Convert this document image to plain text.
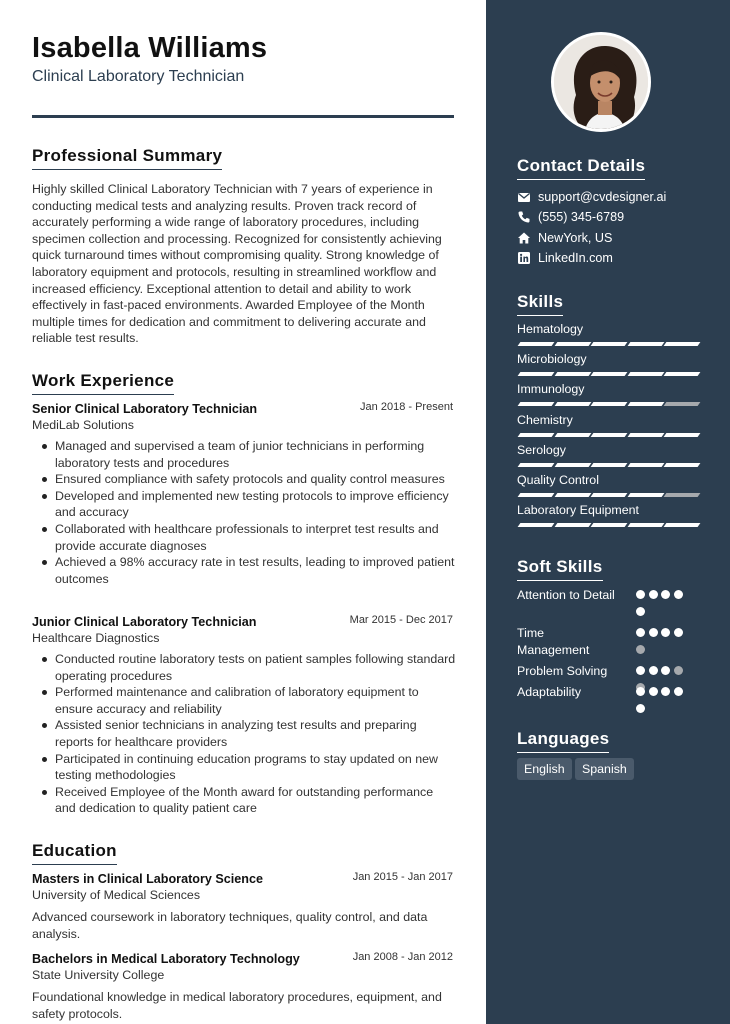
Isabella Williams
Clinical Laboratory Technician
Professional Summary
Highly skilled Clinical Laboratory Technician with 7 years of experience in conducting medical tests and analyzing results. Proven track record of accurately performing a wide range of laboratory procedures, including specimen collection and processing. Recognized for consistently achieving quick turnaround times without compromising quality. Strong knowledge of laboratory equipment and protocols, resulting in streamlined workflow and increased efficiency. Exceptional attention to detail and ability to work effectively in fast-paced environments. Awarded Employee of the Month multiple times for dedication and commitment to delivering accurate and reliable test results.
Work Experience
Senior Clinical Laboratory Technician	Jan 2018 - Present
MediLab Solutions
Managed and supervised a team of junior technicians in performing laboratory tests and procedures
Ensured compliance with safety protocols and quality control measures
Developed and implemented new testing protocols to improve efficiency and accuracy
Collaborated with healthcare professionals to interpret test results and provide accurate diagnoses
Achieved a 98% accuracy rate in test results, leading to improved patient outcomes
Junior Clinical Laboratory Technician	Mar 2015 - Dec 2017
Healthcare Diagnostics
Conducted routine laboratory tests on patient samples following standard operating procedures
Performed maintenance and calibration of laboratory equipment to ensure accuracy and reliability
Assisted senior technicians in analyzing test results and preparing reports for healthcare providers
Participated in continuing education programs to stay updated on new testing methodologies
Received Employee of the Month award for outstanding performance and dedication to quality patient care
Education
Masters in Clinical Laboratory Science	Jan 2015 - Jan 2017
University of Medical Sciences
Advanced coursework in laboratory techniques, quality control, and data analysis.
Bachelors in Medical Laboratory Technology	Jan 2008 - Jan 2012
State University College
Foundational knowledge in medical laboratory procedures, equipment, and safety protocols.
Contact Details
support@cvdesigner.ai
(555) 345-6789
NewYork, US
LinkedIn.com
Skills
Hematology
Microbiology
Immunology
Chemistry
Serology
Quality Control
Laboratory Equipment
Soft Skills
Attention to Detail
Time Management
Problem Solving
Adaptability
Languages
English	Spanish
